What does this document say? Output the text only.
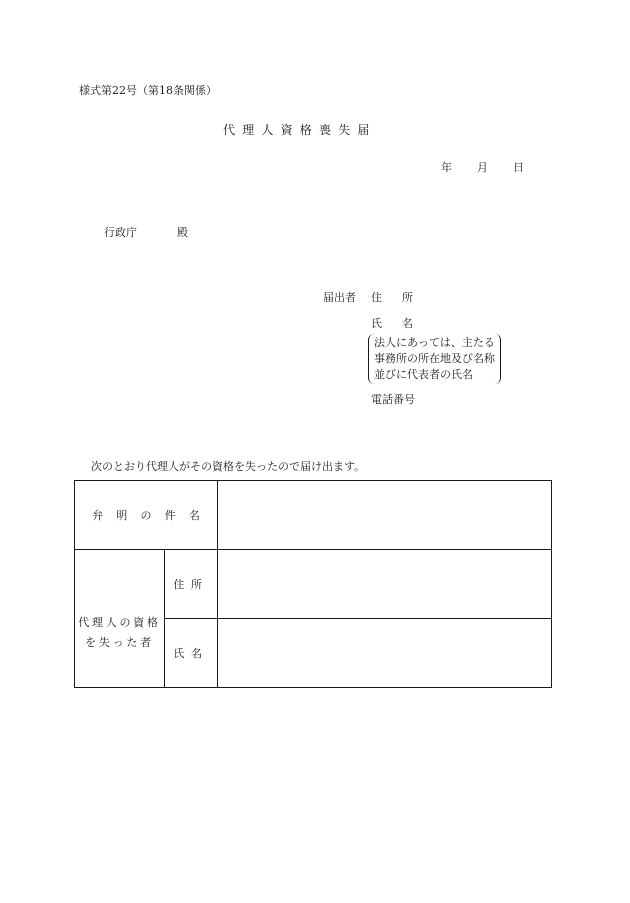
様式第22号（第18条関係）
代理人資格喪失届
年 月 日
行政庁	殿
届出者 住 所
氏 名
法人にあっては、主たる
事務所の所在地及び名称
並びに代表者の氏名
電話番号
次のとおり代理人がその資格を失ったので届け出ます。
弁明の件名		

代理人の資格
を失った者	住所	
	氏名	
